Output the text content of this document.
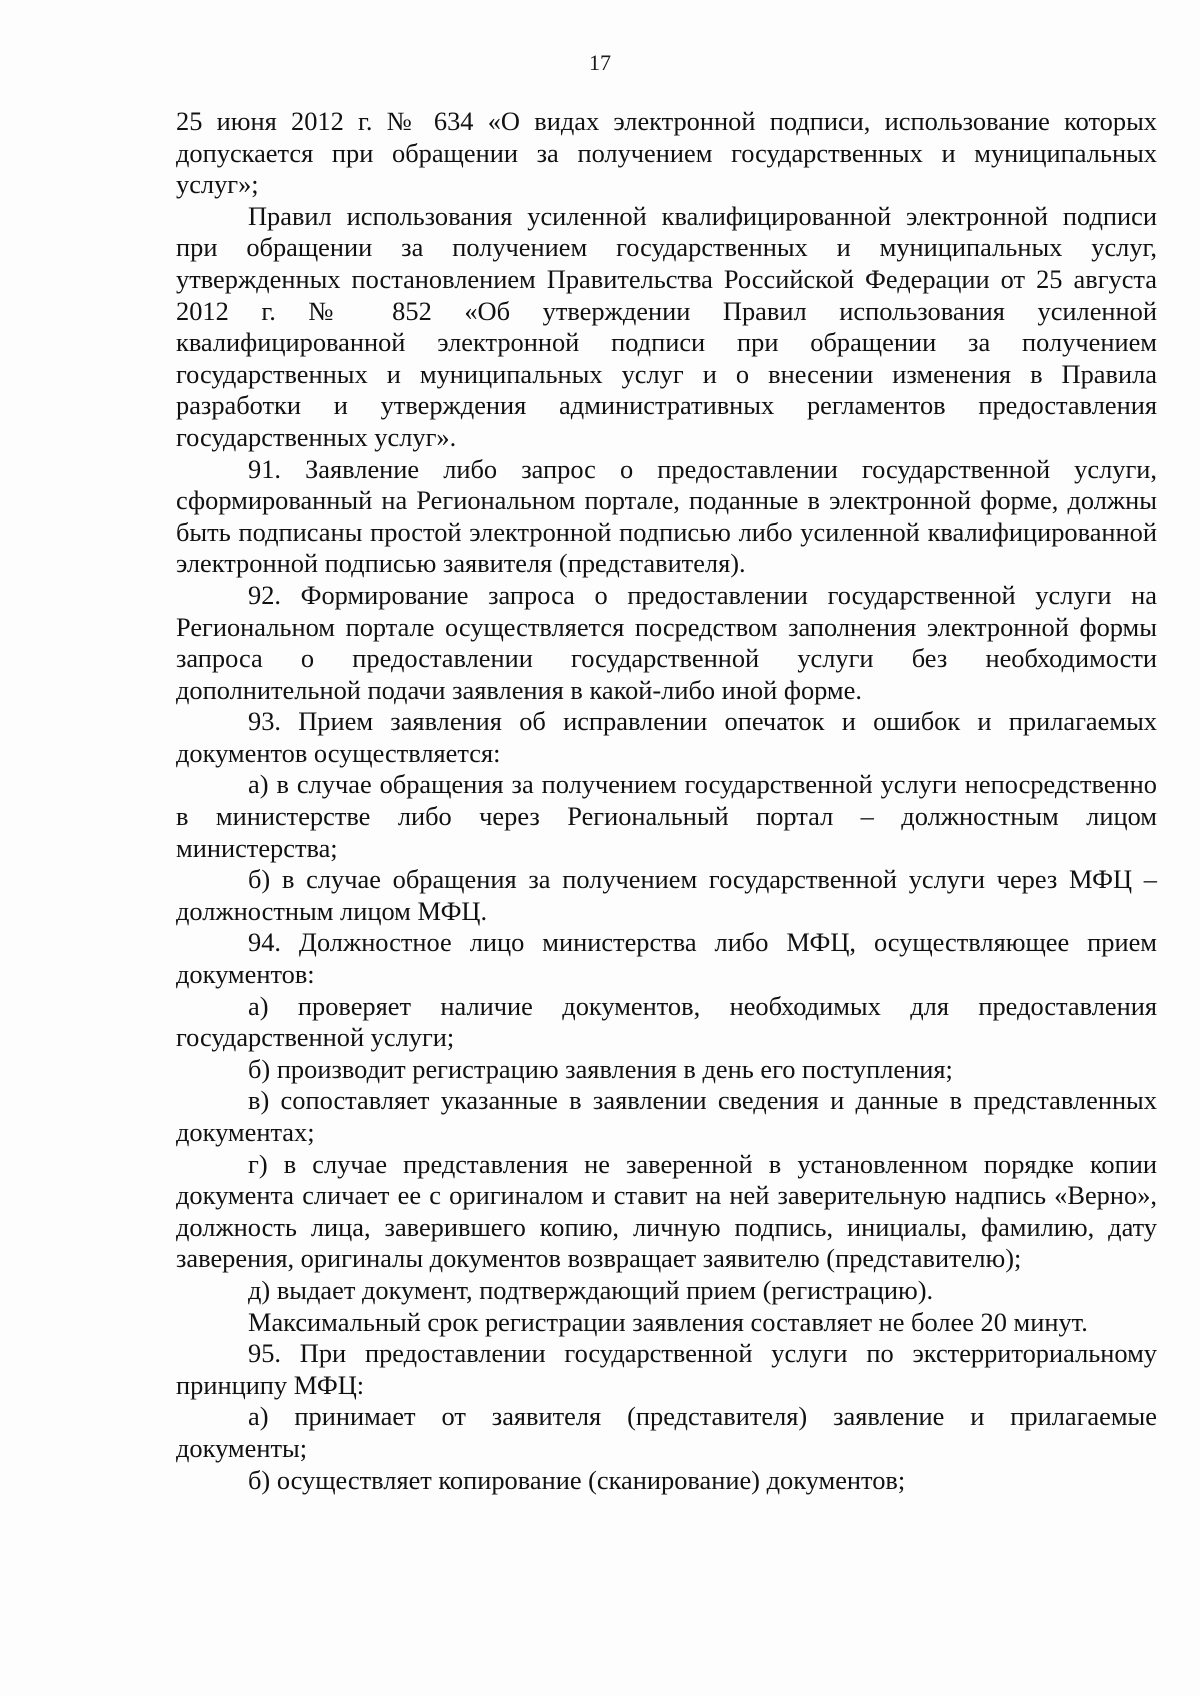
17

25 июня 2012 г. № 634 «О видах электронной подписи, использование которых допускается при обращении за получением государственных и муниципальных услуг»;

Правил использования усиленной квалифицированной электронной подписи при обращении за получением государственных и муниципальных услуг, утвержденных постановлением Правительства Российской Федерации от 25 августа 2012 г. № 852 «Об утверждении Правил использования усиленной квалифицированной электронной подписи при обращении за получением государственных и муниципальных услуг и о внесении изменения в Правила разработки и утверждения административных регламентов предоставления государственных услуг».

91. Заявление либо запрос о предоставлении государственной услуги, сформированный на Региональном портале, поданные в электронной форме, должны быть подписаны простой электронной подписью либо усиленной квалифицированной электронной подписью заявителя (представителя).

92. Формирование запроса о предоставлении государственной услуги на Региональном портале осуществляется посредством заполнения электронной формы запроса о предоставлении государственной услуги без необходимости дополнительной подачи заявления в какой-либо иной форме.

93. Прием заявления об исправлении опечаток и ошибок и прилагаемых документов осуществляется:

а) в случае обращения за получением государственной услуги непосредственно в министерстве либо через Региональный портал – должностным лицом министерства;

б) в случае обращения за получением государственной услуги через МФЦ – должностным лицом МФЦ.

94. Должностное лицо министерства либо МФЦ, осуществляющее прием документов:

а) проверяет наличие документов, необходимых для предоставления государственной услуги;

б) производит регистрацию заявления в день его поступления;

в) сопоставляет указанные в заявлении сведения и данные в представленных документах;

г) в случае представления не заверенной в установленном порядке копии документа сличает ее с оригиналом и ставит на ней заверительную надпись «Верно», должность лица, заверившего копию, личную подпись, инициалы, фамилию, дату заверения, оригиналы документов возвращает заявителю (представителю);

д) выдает документ, подтверждающий прием (регистрацию).

Максимальный срок регистрации заявления составляет не более 20 минут.

95. При предоставлении государственной услуги по экстерриториальному принципу МФЦ:

а) принимает от заявителя (представителя) заявление и прилагаемые документы;

б) осуществляет копирование (сканирование) документов;
